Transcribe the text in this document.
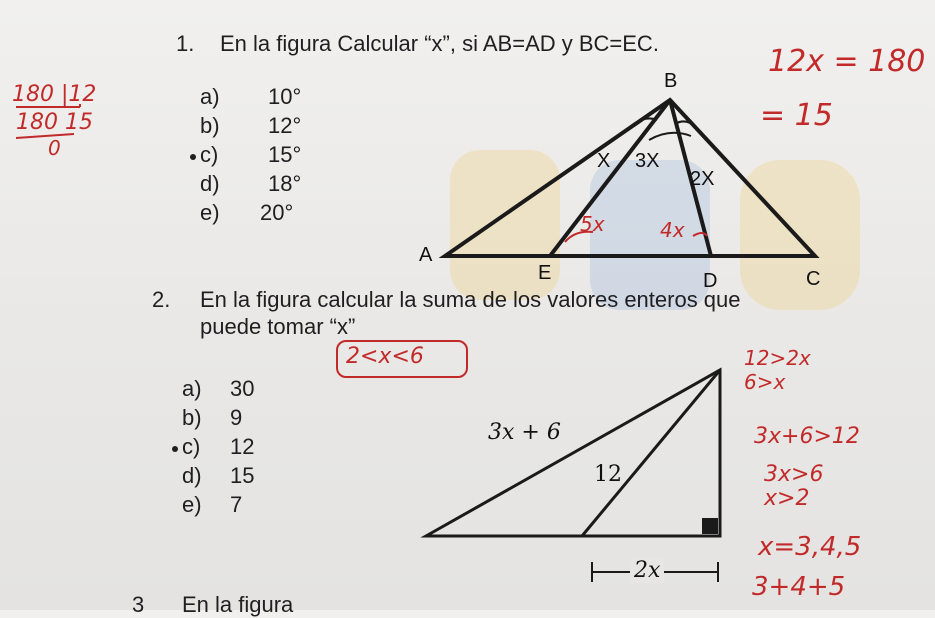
1. En la figura Calcular “x”, si AB=AD y BC=EC.
a) 10°
b) 12°
c) 15°
d) 18°
e) 20°
12x = 180
= 15
180 |12
180 15
0
B
A
C
D
E
X 3X
2X
5x	4x
2. En la figura calcular la suma de los valores enteros que
puede tomar “x”
a) 30
b) 9
c) 12
d) 15
e) 7
2<x<6	12>2x
6>x
3x+6>12
3x>6
x>2
x=3,4,5
3+4+5
3x + 6
12
2x
3 En la figura
